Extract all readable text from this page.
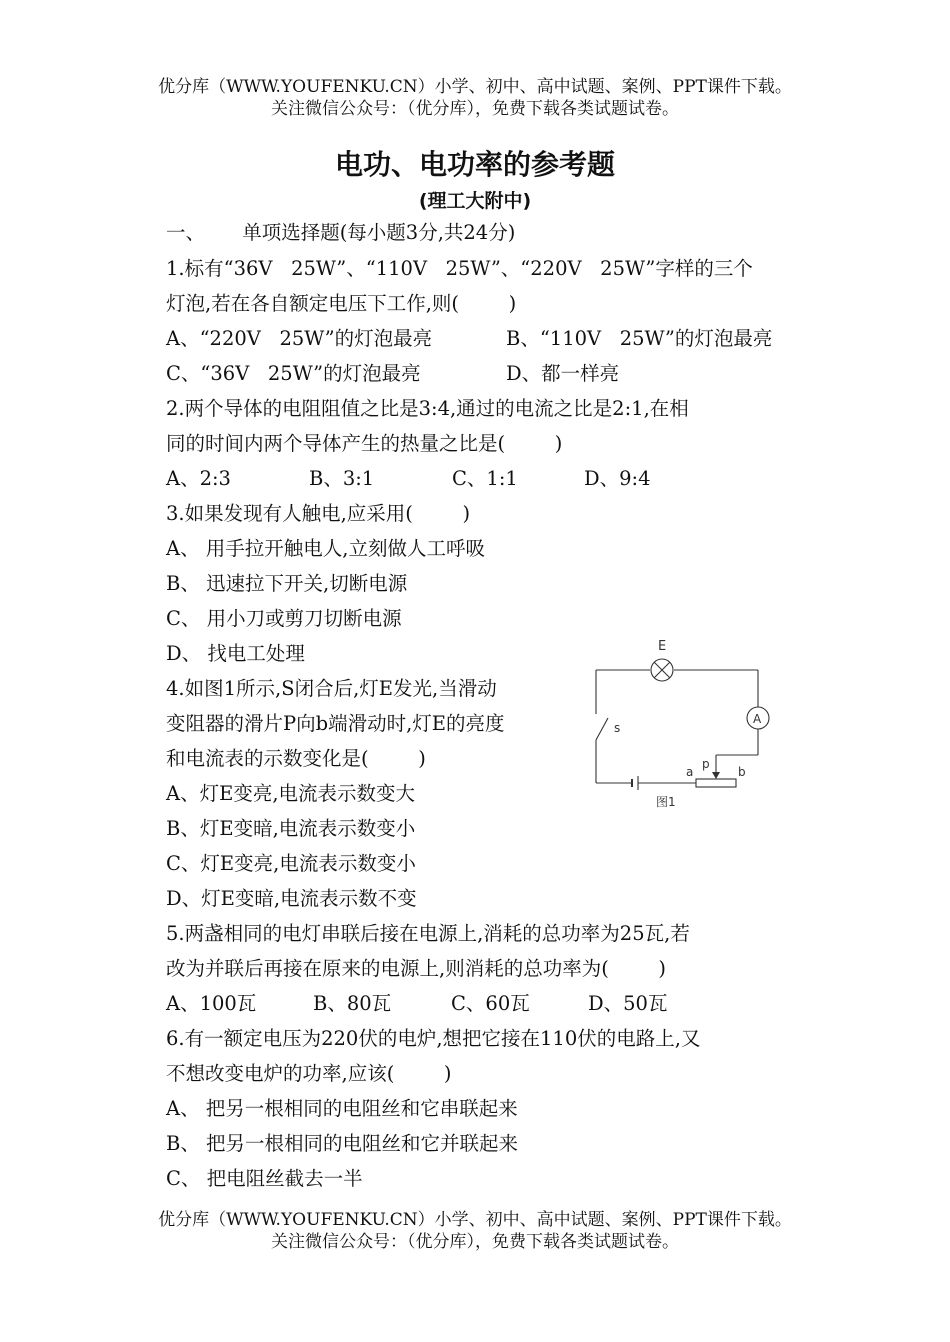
优分库（WWW.YOUFENKU.CN）小学、初中、高中试题、案例、PPT课件下载。
关注微信公众号：（优分库），免费下载各类试题试卷。
电功、电功率的参考题
(理工大附中)
一、      单项选择题(每小题3分,共24分)
1.标有“36V   25W”、“110V   25W”、“220V   25W”字样的三个
灯泡,若在各自额定电压下工作,则(        )
A、“220V   25W”的灯泡最亮	B、“110V   25W”的灯泡最亮
C、“36V   25W”的灯泡最亮	D、都一样亮
2.两个导体的电阻阻值之比是3:4,通过的电流之比是2:1,在相
同的时间内两个导体产生的热量之比是(        )
A、2:3	B、3:1	C、1:1	D、9:4
3.如果发现有人触电,应采用(        )
A、 用手拉开触电人,立刻做人工呼吸
B、 迅速拉下开关,切断电源
C、 用小刀或剪刀切断电源
D、 找电工处理
4.如图1所示,S闭合后,灯E发光,当滑动
变阻器的滑片P向b端滑动时,灯E的亮度
和电流表的示数变化是(        )
A、灯E变亮,电流表示数变大
B、灯E变暗,电流表示数变小
C、灯E变亮,电流表示数变小
D、灯E变暗,电流表示数不变
E
A
p
a	b
s
图1
5.两盏相同的电灯串联后接在电源上,消耗的总功率为25瓦,若
改为并联后再接在原来的电源上,则消耗的总功率为(        )
A、100瓦	B、80瓦	C、60瓦	D、50瓦
6.有一额定电压为220伏的电炉,想把它接在110伏的电路上,又
不想改变电炉的功率,应该(        )
A、 把另一根相同的电阻丝和它串联起来
B、 把另一根相同的电阻丝和它并联起来
C、 把电阻丝截去一半
优分库（WWW.YOUFENKU.CN）小学、初中、高中试题、案例、PPT课件下载。
关注微信公众号：（优分库），免费下载各类试题试卷。
